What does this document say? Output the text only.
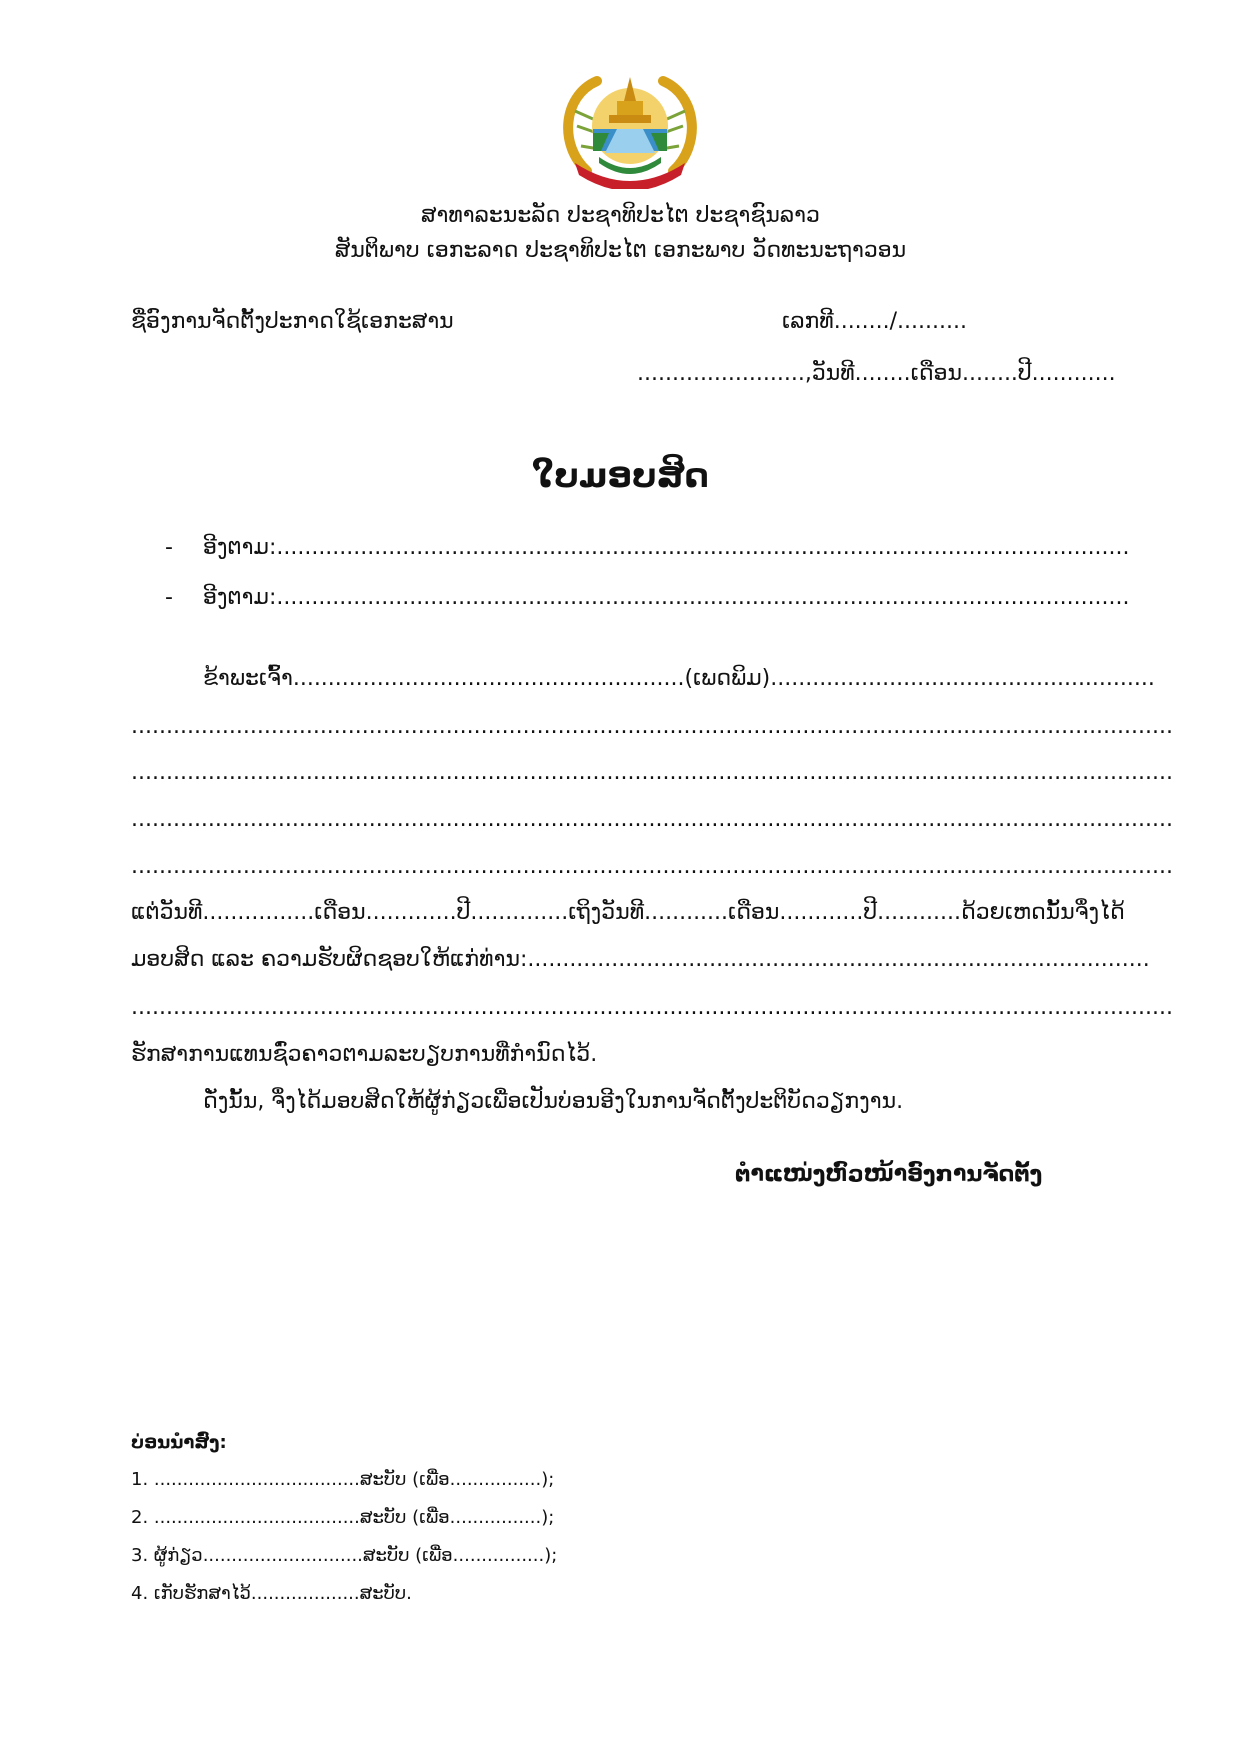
ສາທາລະນະລັດ ປະຊາທິປະໄຕ ປະຊາຊົນລາວ
ສັນຕິພາບ ເອກະລາດ ປະຊາທິປະໄຕ ເອກະພາບ ວັດທະນະຖາວອນ
ຊື່ອົງການຈັດຕັ້ງປະກາດໃຊ້ເອກະສານ	ເລກທີ......../..........
........................,ວັນທີ........ເດືອນ........ປີ............
ໃບມອບສິດ
- ອີງຕາມ:..........................................................................................................................
- ອີງຕາມ:..........................................................................................................................
ຂ້າພະເຈົ້າ........................................................(ເພດພິມ).......................................................
.....................................................................................................................................................
.....................................................................................................................................................
.....................................................................................................................................................
.....................................................................................................................................................
ແຕ່ວັນທີ................ເດືອນ.............ປີ..............ເຖິງວັນທີ............ເດືອນ............ປີ............ດ້ວຍເຫດນັ້ນຈຶ່ງໄດ້
ມອບສິດ ແລະ ຄວາມຮັບຜິດຊອບໃຫ້ແກ່ທ່ານ:.........................................................................................
.....................................................................................................................................................
ຮັກສາການແທນຊົ່ວຄາວຕາມລະບຽບການທີ່ກຳນົດໄວ້.
ດັ່ງນັ້ນ, ຈຶ່ງໄດ້ມອບສິດໃຫ້ຜູ້ກ່ຽວເພື່ອເປັນບ່ອນອີງໃນການຈັດຕັ້ງປະຕິບັດວຽກງານ.
ຕຳແໜ່ງຫົວໜ້າອົງການຈັດຕັ້ງ
ບ່ອນນຳສົ່ງ:
1. ....................................ສະບັບ (ເພື່ອ................);
2. ....................................ສະບັບ (ເພື່ອ................);
3. ຜູ້ກ່ຽວ............................ສະບັບ (ເພື່ອ................);
4. ເກັບຮັກສາໄວ້...................ສະບັບ.
